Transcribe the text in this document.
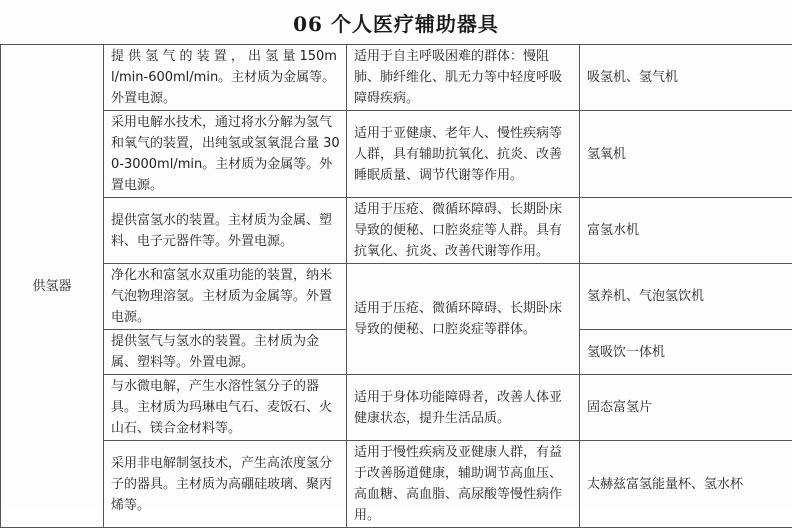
06 个人医疗辅助器具
供氢器	提 供 氢 气 的 装 置 ， 出 氢 量 150ml/min-600ml/min。主材质为金属等。外置电源。	适用于自主呼吸困难的群体：慢阻肺、肺纤维化、肌无力等中轻度呼吸障碍疾病。	吸氢机、氢气机
	采用电解水技术，通过将水分解为氢气和氧气的装置，出纯氢或氢氧混合量 300-3000ml/min。主材质为金属等。外置电源。	适用于亚健康、老年人、慢性疾病等人群，具有辅助抗氧化、抗炎、改善睡眠质量、调节代谢等作用。	氢氧机
	提供富氢水的装置。主材质为金属、塑料、电子元器件等。外置电源。	适用于压疮、微循环障碍、长期卧床导致的便秘、口腔炎症等人群。具有抗氧化、抗炎、改善代谢等作用。	富氢水机
	净化水和富氢水双重功能的装置，纳米气泡物理溶氢。主材质为金属等。外置电源。	适用于压疮、微循环障碍、长期卧床导致的便秘、口腔炎症等群体。	氢养机、气泡氢饮机
	提供氢气与氢水的装置。主材质为金属、塑料等。外置电源。		氢吸饮一体机
	与水微电解，产生水溶性氢分子的器具。主材质为玛琳电气石、麦饭石、火山石、镁合金材料等。	适用于身体功能障碍者，改善人体亚健康状态，提升生活品质。	固态富氢片
	采用非电解制氢技术，产生高浓度氢分子的器具。主材质为高硼硅玻璃、聚丙烯等。	适用于慢性疾病及亚健康人群，有益于改善肠道健康，辅助调节高血压、高血糖、高血脂、高尿酸等慢性病作用。	太赫兹富氢能量杯、氢水杯
